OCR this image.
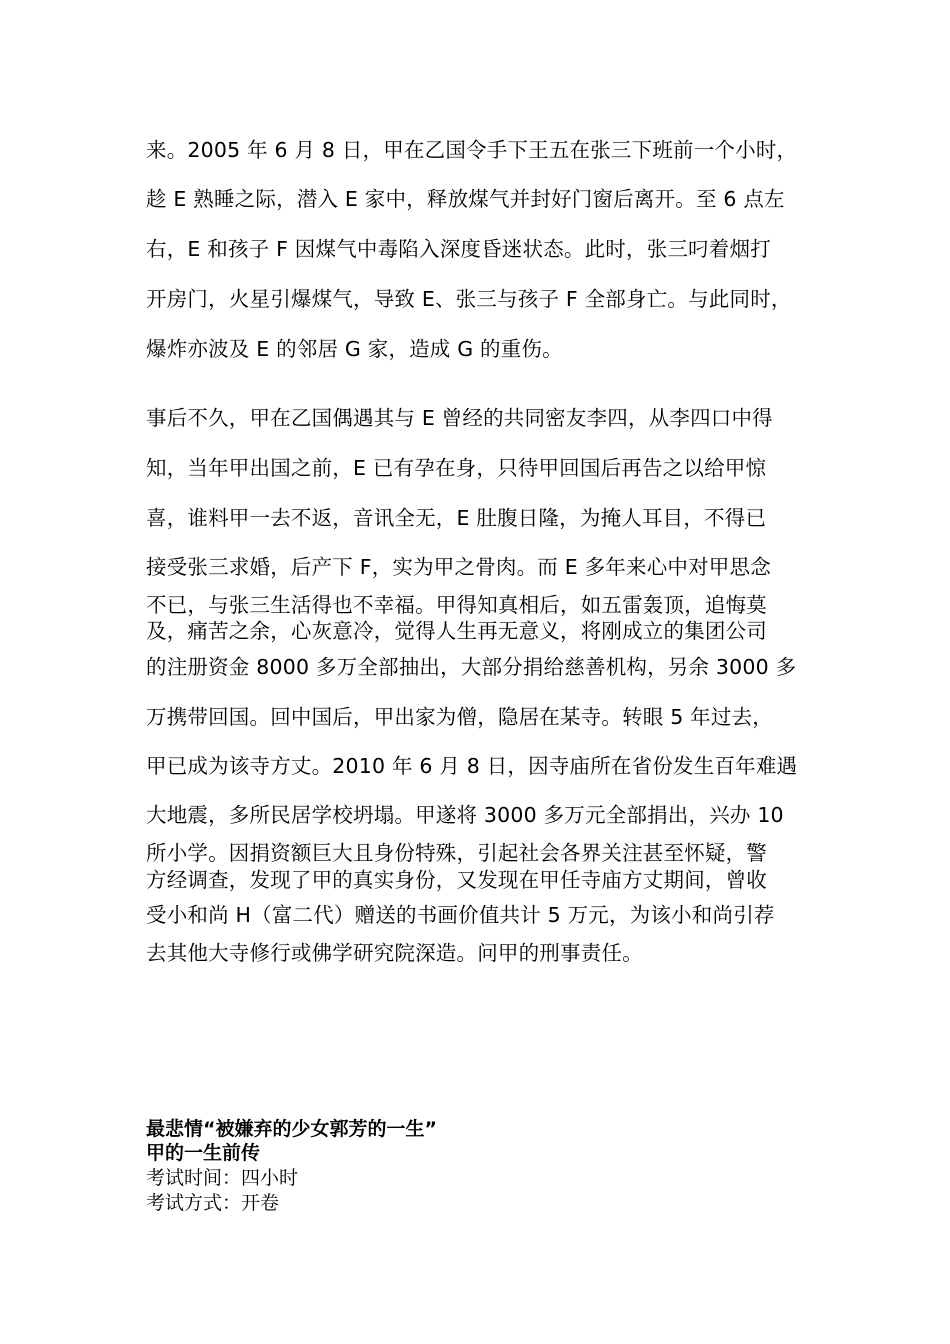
来。2005 年 6 月 8 日，甲在乙国令手下王五在张三下班前一个小时，
趁 E 熟睡之际，潜入 E 家中，释放煤气并封好门窗后离开。至 6 点左
右，E 和孩子 F 因煤气中毒陷入深度昏迷状态。此时，张三叼着烟打
开房门，火星引爆煤气，导致 E、张三与孩子 F 全部身亡。与此同时，
爆炸亦波及 E 的邻居 G 家，造成 G 的重伤。
事后不久，甲在乙国偶遇其与 E 曾经的共同密友李四，从李四口中得
知，当年甲出国之前，E 已有孕在身，只待甲回国后再告之以给甲惊
喜，谁料甲一去不返，音讯全无，E 肚腹日隆，为掩人耳目，不得已
接受张三求婚，后产下 F，实为甲之骨肉。而 E 多年来心中对甲思念
不已，与张三生活得也不幸福。甲得知真相后，如五雷轰顶，追悔莫
及，痛苦之余，心灰意冷，觉得人生再无意义，将刚成立的集团公司
的注册资金 8000 多万全部抽出，大部分捐给慈善机构，另余 3000 多
万携带回国。回中国后，甲出家为僧，隐居在某寺。转眼 5 年过去，
甲已成为该寺方丈。2010 年 6 月 8 日，因寺庙所在省份发生百年难遇
大地震，多所民居学校坍塌。甲遂将 3000 多万元全部捐出，兴办 10
所小学。因捐资额巨大且身份特殊，引起社会各界关注甚至怀疑，警
方经调查，发现了甲的真实身份，又发现在甲任寺庙方丈期间，曾收
受小和尚 H（富二代）赠送的书画价值共计 5 万元，为该小和尚引荐
去其他大寺修行或佛学研究院深造。问甲的刑事责任。
最悲情“被嫌弃的少女郭芳的一生”
甲的一生前传
考试时间：四小时
考试方式：开卷
